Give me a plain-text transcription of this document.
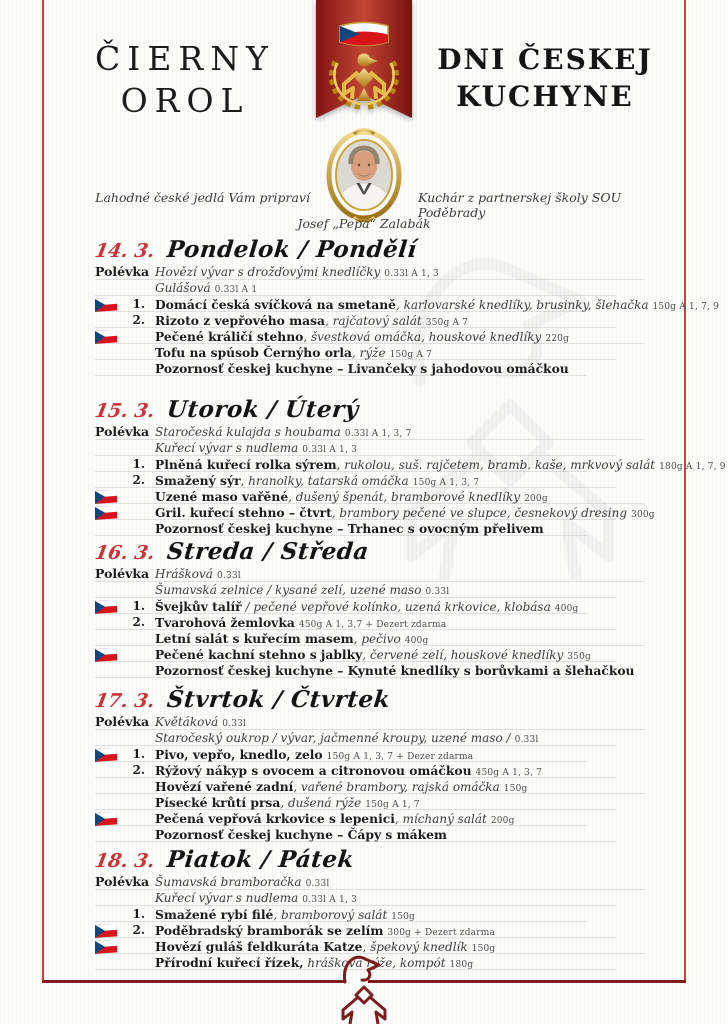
ČIERNY
OROL
DNI ČESKEJ
KUCHYNE
Lahodné české jedlá Vám pripraví	Kuchár z partnerskej školy SOU Poděbrady
Josef „Pepa“ Zalabák
14. 3. Pondelok / Pondělí
Polévka Hovězí vývar s drožďovými knedlíčky 0.33l A 1, 3
Gulášová 0.33l A 1
1. Domácí česká svíčková na smetaně, karlovarské knedlíky, brusinky, šlehačka 150g A 1, 7, 9
2. Rizoto z vepřového masa, rajčatový salát 350g A 7
Pečené králičí stehno, švestková omáčka, houskové knedlíky 220g
Tofu na spúsob Černýho orla, rýže 150g A 7
Pozornosť českej kuchyne – Livančeky s jahodovou omáčkou
15. 3. Utorok / Úterý
Polévka Staročeská kulajda s houbama 0.33l A 1, 3, 7
Kuřecí vývar s nudlema 0.33l A 1, 3
1. Plněná kuřecí rolka sýrem, rukolou, suš. rajčetem, bramb. kaše, mrkvový salát 180g A 1, 7, 9
2. Smažený sýr, hranolky, tatarská omáčka 150g A 1, 3, 7
Uzené maso vařěné, dušený špenát, bramborové knedlíky 200g
Gril. kuřecí stehno – čtvrt, brambory pečené ve slupce, česnekový dresing 300g
Pozornosť českej kuchyne – Trhanec s ovocným přelivem
16. 3. Streda / Středa
Polévka Hrášková 0.33l
Šumavská zelnice / kysané zelí, uzené maso 0.33l
1. Švejkův talíř / pečené vepřové kolínko, uzená krkovice, klobása 400g
2. Tvarohová žemlovka 450g A 1, 3,7 + Dezert zdarma
Letní salát s kuřecím masem, pečivo 400g
Pečené kachní stehno s jablky, červené zelí, houskové knedlíky 350g
Pozornosť českej kuchyne – Kynuté knedlíky s borůvkami a šlehačkou
17. 3. Štvrtok / Čtvrtek
Polévka Květáková 0.33l
Staročeský oukrop / vývar, jačmenné kroupy, uzené maso / 0.33l
1. Pivo, vepřo, knedlo, zelo 150g A 1, 3, 7 + Dezer zdarma
2. Rýžový nákyp s ovocem a citronovou omáčkou 450g A 1, 3, 7
Hovězí vařené zadní, vařené brambory, rajská omáčka 150g
Písecké krůtí prsa, dušená rýže 150g A 1, 7
Pečená vepřová krkovice s lepenici, míchaný salát 200g
Pozornosť českej kuchyne – Čápy s mákem
18. 3. Piatok / Pátek
Polévka Šumavská bramboračka 0.33l
Kuřecí vývar s nudlema 0.33l A 1, 3
1. Smažené rybí filé, bramborový salát 150g
2. Poděbradský bramborák se zelím 300g + Dezert zdarma
Hovězí guláš feldkuráta Katze, špekový knedlík 150g
Přírodní kuřecí řízek, hrášková rýže, kompót 180g
